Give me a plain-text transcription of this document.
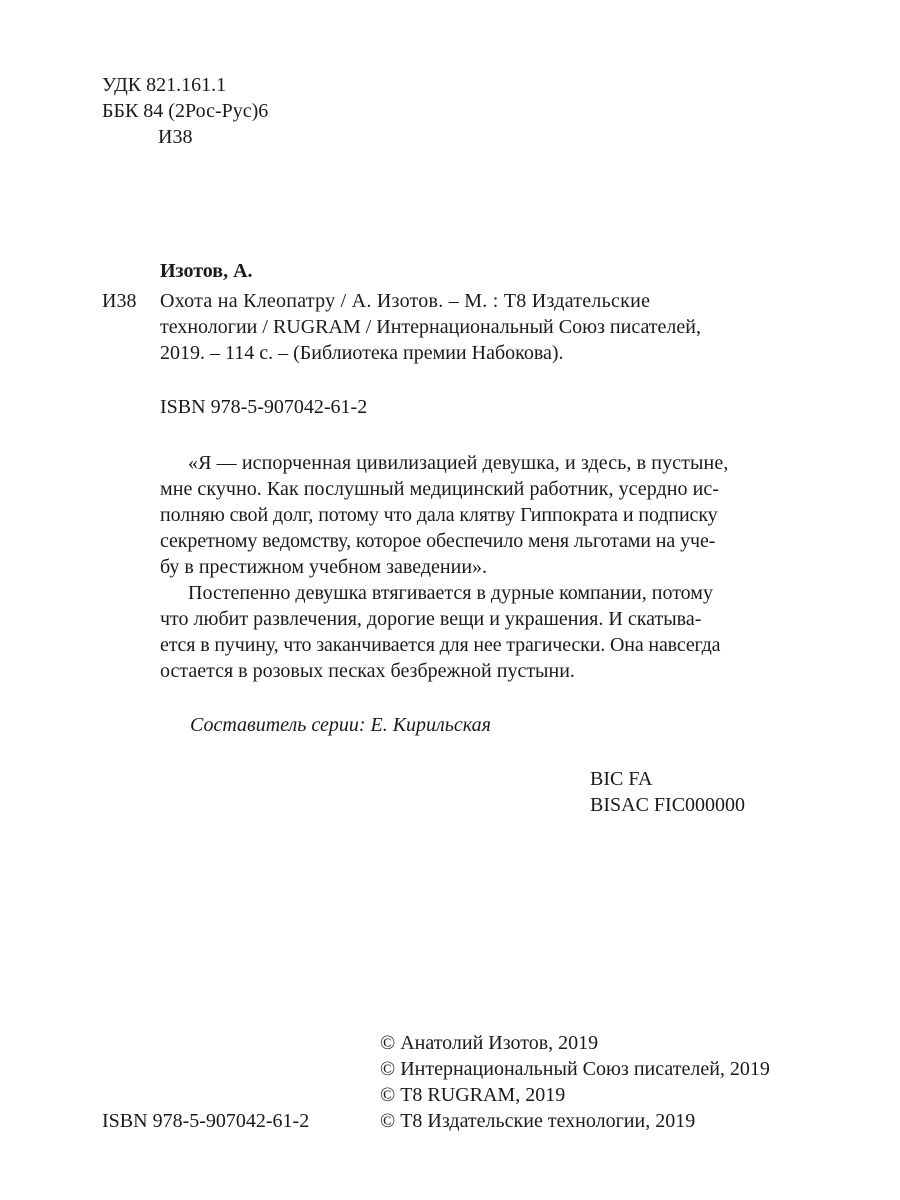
УДК 821.161.1
ББК 84 (2Рос-Рус)6
И38
Изотов, А.
И38 Охота на Клеопатру / А. Изотов. – М. : Т8 Издательские
технологии / RUGRAM / Интернациональный Союз писателей,
2019. – 114 с. – (Библиотека премии Набокова).
ISBN 978-5-907042-61-2
«Я — испорченная цивилизацией девушка, и здесь, в пустыне,
мне скучно. Как послушный медицинский работник, усердно ис-
полняю свой долг, потому что дала клятву Гиппократа и подписку
секретному ведомству, которое обеспечило меня льготами на уче-
бу в престижном учебном заведении».
Постепенно девушка втягивается в дурные компании, потому
что любит развлечения, дорогие вещи и украшения. И скатыва-
ется в пучину, что заканчивается для нее трагически. Она навсегда
остается в розовых песках безбрежной пустыни.
Составитель серии: Е. Кирильская
BIC FA
BISAC FIC000000
© Анатолий Изотов, 2019
© Интернациональный Союз писателей, 2019
© Т8 RUGRAM, 2019
© Т8 Издательские технологии, 2019
ISBN 978-5-907042-61-2
